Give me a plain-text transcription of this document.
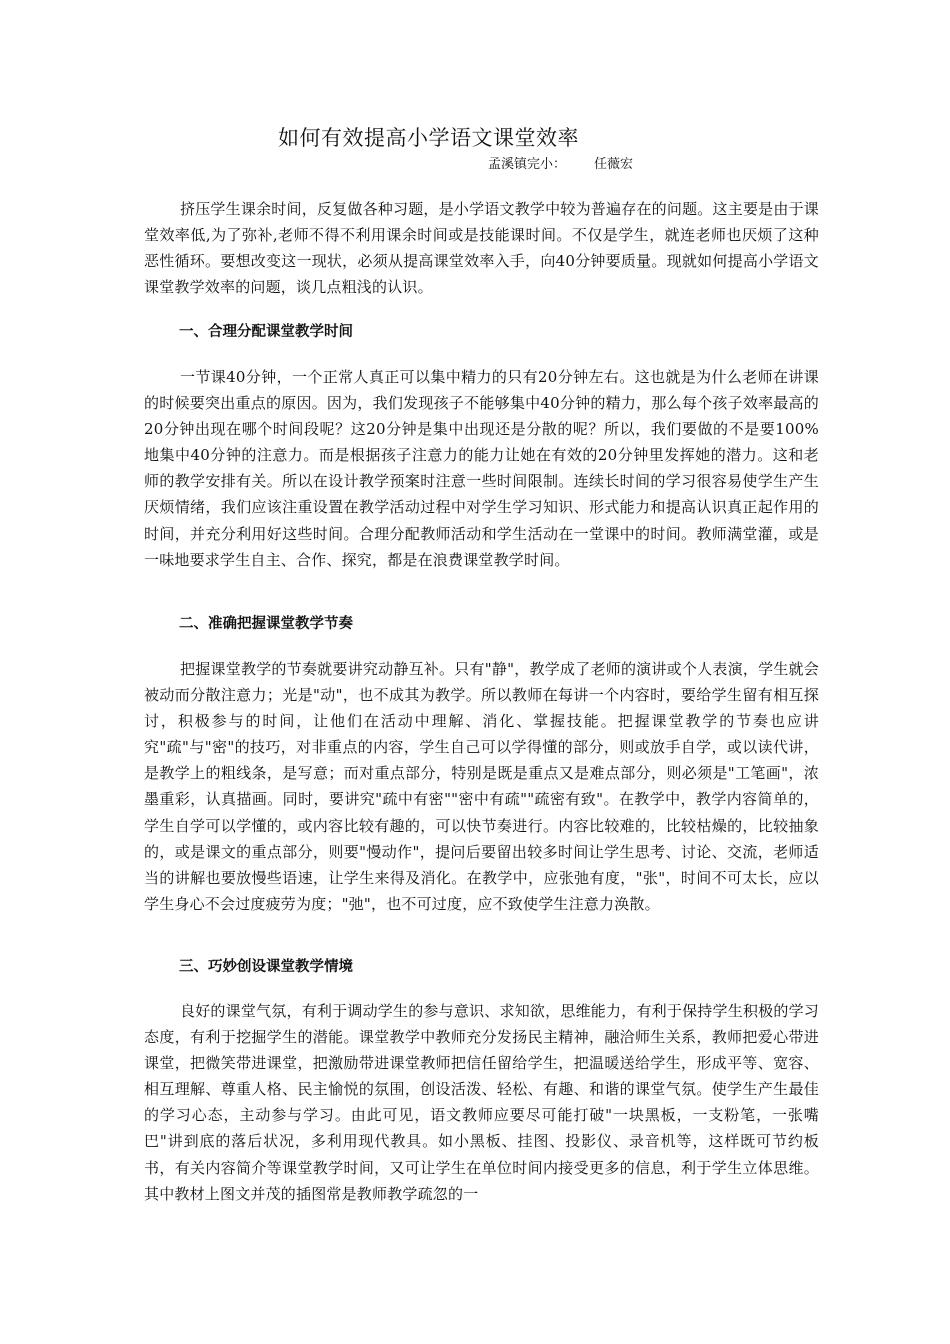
如何有效提高小学语文课堂效率
孟溪镇完小： 任薇宏

挤压学生课余时间，反复做各种习题，是小学语文教学中较为普遍存在的问题。这主要是由于课堂效率低,为了弥补,老师不得不利用课余时间或是技能课时间。不仅是学生，就连老师也厌烦了这种恶性循环。要想改变这一现状，必须从提高课堂效率入手，向40分钟要质量。现就如何提高小学语文课堂教学效率的问题，谈几点粗浅的认识。

一、合理分配课堂教学时间

一节课40分钟，一个正常人真正可以集中精力的只有20分钟左右。这也就是为什么老师在讲课的时候要突出重点的原因。因为，我们发现孩子不能够集中40分钟的精力，那么每个孩子效率最高的20分钟出现在哪个时间段呢？这20分钟是集中出现还是分散的呢？所以，我们要做的不是要100%地集中40分钟的注意力。而是根据孩子注意力的能力让她在有效的20分钟里发挥她的潜力。这和老师的教学安排有关。所以在设计教学预案时注意一些时间限制。连续长时间的学习很容易使学生产生厌烦情绪，我们应该注重设置在教学活动过程中对学生学习知识、形式能力和提高认识真正起作用的时间，并充分利用好这些时间。合理分配教师活动和学生活动在一堂课中的时间。教师满堂灌，或是一味地要求学生自主、合作、探究，都是在浪费课堂教学时间。

二、准确把握课堂教学节奏

把握课堂教学的节奏就要讲究动静互补。只有"静"，教学成了老师的演讲或个人表演，学生就会被动而分散注意力；光是"动"，也不成其为教学。所以教师在每讲一个内容时，要给学生留有相互探讨，积极参与的时间，让他们在活动中理解、消化、掌握技能。把握课堂教学的节奏也应讲究"疏"与"密"的技巧，对非重点的内容，学生自己可以学得懂的部分，则或放手自学，或以读代讲，是教学上的粗线条，是写意；而对重点部分，特别是既是重点又是难点部分，则必须是"工笔画"，浓墨重彩，认真描画。同时，要讲究"疏中有密""密中有疏""疏密有致"。在教学中，教学内容简单的，学生自学可以学懂的，或内容比较有趣的，可以快节奏进行。内容比较难的，比较枯燥的，比较抽象的，或是课文的重点部分，则要"慢动作"，提问后要留出较多时间让学生思考、讨论、交流，老师适当的讲解也要放慢些语速，让学生来得及消化。在教学中，应张弛有度，"张"，时间不可太长，应以学生身心不会过度疲劳为度；"弛"，也不可过度，应不致使学生注意力涣散。

三、巧妙创设课堂教学情境

良好的课堂气氛，有利于调动学生的参与意识、求知欲，思维能力，有利于保持学生积极的学习态度，有利于挖掘学生的潜能。课堂教学中教师充分发扬民主精神，融洽师生关系，教师把爱心带进课堂，把微笑带进课堂，把激励带进课堂教师把信任留给学生，把温暖送给学生，形成平等、宽容、相互理解、尊重人格、民主愉悦的氛围，创设活泼、轻松、有趣、和谐的课堂气氛。使学生产生最佳的学习心态，主动参与学习。由此可见，语文教师应要尽可能打破"一块黑板，一支粉笔，一张嘴巴"讲到底的落后状况，多利用现代教具。如小黑板、挂图、投影仪、录音机等，这样既可节约板书，有关内容简介等课堂教学时间，又可让学生在单位时间内接受更多的信息，利于学生立体思维。其中教材上图文并茂的插图常是教师教学疏忽的一
